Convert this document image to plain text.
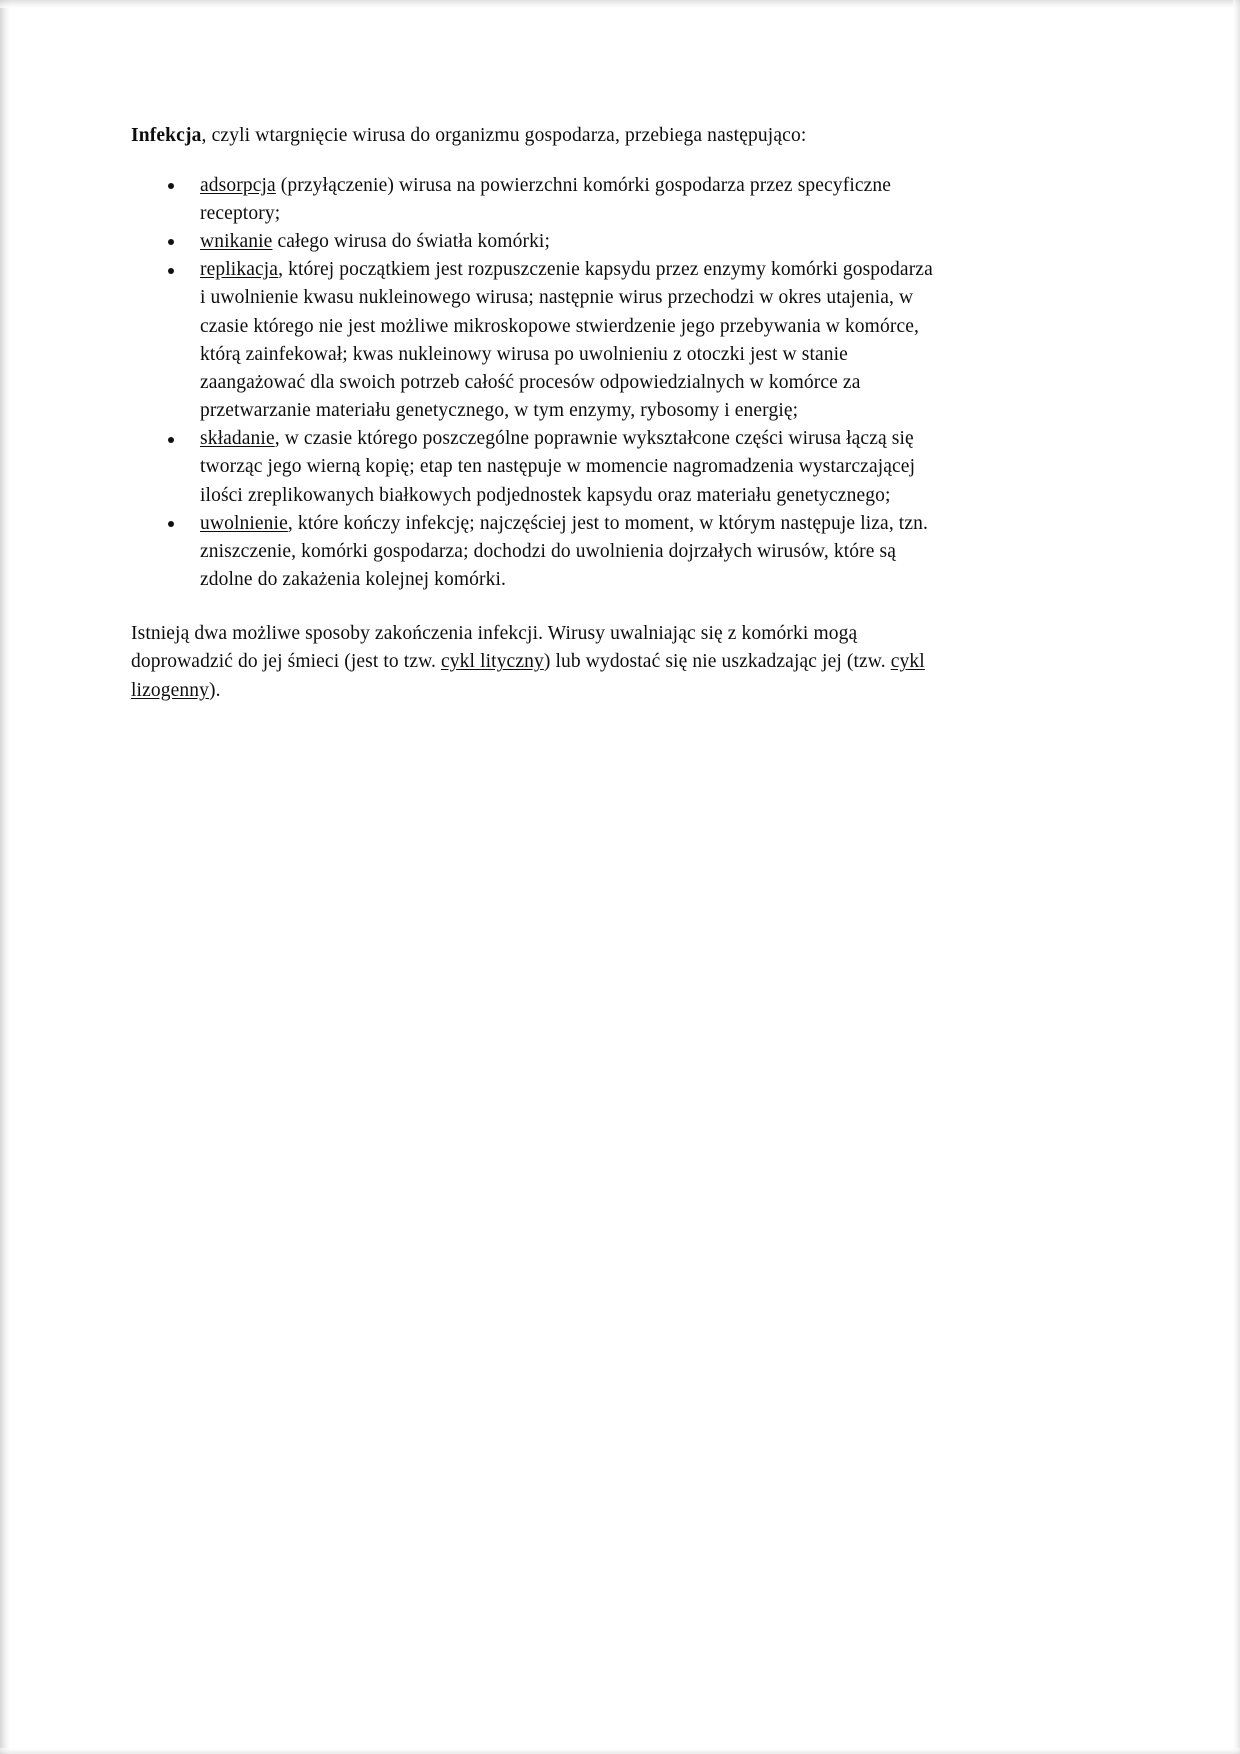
Infekcja, czyli wtargnięcie wirusa do organizmu gospodarza, przebiega następująco:

adsorpcja (przyłączenie) wirusa na powierzchni komórki gospodarza przez specyficzne receptory;
wnikanie całego wirusa do światła komórki;
replikacja, której początkiem jest rozpuszczenie kapsydu przez enzymy komórki gospodarza i uwolnienie kwasu nukleinowego wirusa; następnie wirus przechodzi w okres utajenia, w czasie którego nie jest możliwe mikroskopowe stwierdzenie jego przebywania w komórce, którą zainfekował; kwas nukleinowy wirusa po uwolnieniu z otoczki jest w stanie zaangażować dla swoich potrzeb całość procesów odpowiedzialnych w komórce za przetwarzanie materiału genetycznego, w tym enzymy, rybosomy i energię;
składanie, w czasie którego poszczególne poprawnie wykształcone części wirusa łączą się tworząc jego wierną kopię; etap ten następuje w momencie nagromadzenia wystarczającej ilości zreplikowanych białkowych podjednostek kapsydu oraz materiału genetycznego;
uwolnienie, które kończy infekcję; najczęściej jest to moment, w którym następuje liza, tzn. zniszczenie, komórki gospodarza; dochodzi do uwolnienia dojrzałych wirusów, które są zdolne do zakażenia kolejnej komórki.

Istnieją dwa możliwe sposoby zakończenia infekcji. Wirusy uwalniając się z komórki mogą doprowadzić do jej śmieci (jest to tzw. cykl lityczny) lub wydostać się nie uszkadzając jej (tzw. cykl lizogenny).
